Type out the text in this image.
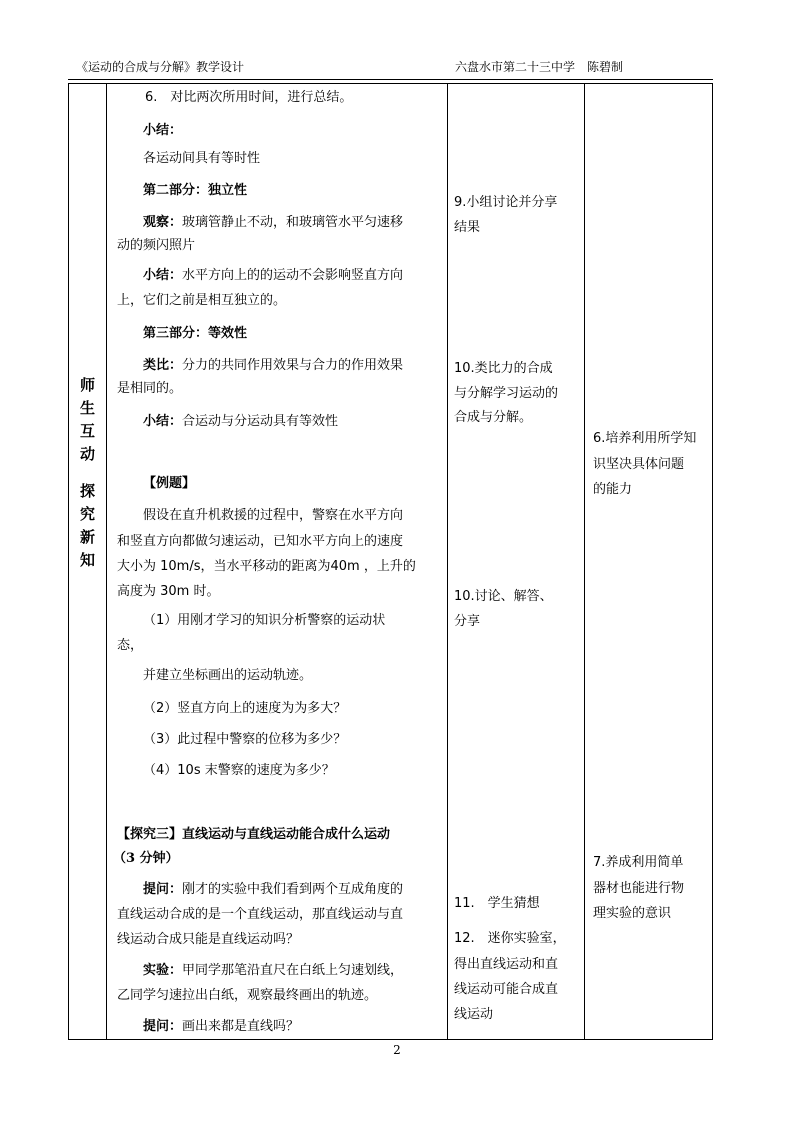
《运动的合成与分解》教学设计	六盘水市第二十三中学　陈碧制
师
生
互
动
探
究
新
知
6.　对比两次所用时间，进行总结。
小结：
各运动间具有等时性
第二部分：独立性
观察：玻璃管静止不动，和玻璃管水平匀速移
动的频闪照片
小结：水平方向上的的运动不会影响竖直方向
上，它们之前是相互独立的。
第三部分：等效性
类比：分力的共同作用效果与合力的作用效果
是相同的。
小结：合运动与分运动具有等效性
【例题】
假设在直升机救援的过程中，警察在水平方向
和竖直方向都做匀速运动，已知水平方向上的速度
大小为 10m/s，当水平移动的距离为40m ，上升的
高度为 30m 时。
（1）用刚才学习的知识分析警察的运动状
态，
并建立坐标画出的运动轨迹。
（2）竖直方向上的速度为为多大？
（3）此过程中警察的位移为多少？
（4）10s 末警察的速度为多少？
【探究三】直线运动与直线运动能合成什么运动
（3 分钟）
提问：刚才的实验中我们看到两个互成角度的
直线运动合成的是一个直线运动，那直线运动与直
线运动合成只能是直线运动吗？
实验：甲同学那笔沿直尺在白纸上匀速划线，
乙同学匀速拉出白纸，观察最终画出的轨迹。
提问：画出来都是直线吗？
9.小组讨论并分享
结果
10.类比力的合成
与分解学习运动的
合成与分解。
10.讨论、解答、
分享
11.　学生猜想
12.　迷你实验室，
得出直线运动和直
线运动可能合成直
线运动
6.培养利用所学知
识坚决具体问题
的能力
7.养成利用简单
器材也能进行物
理实验的意识
2
